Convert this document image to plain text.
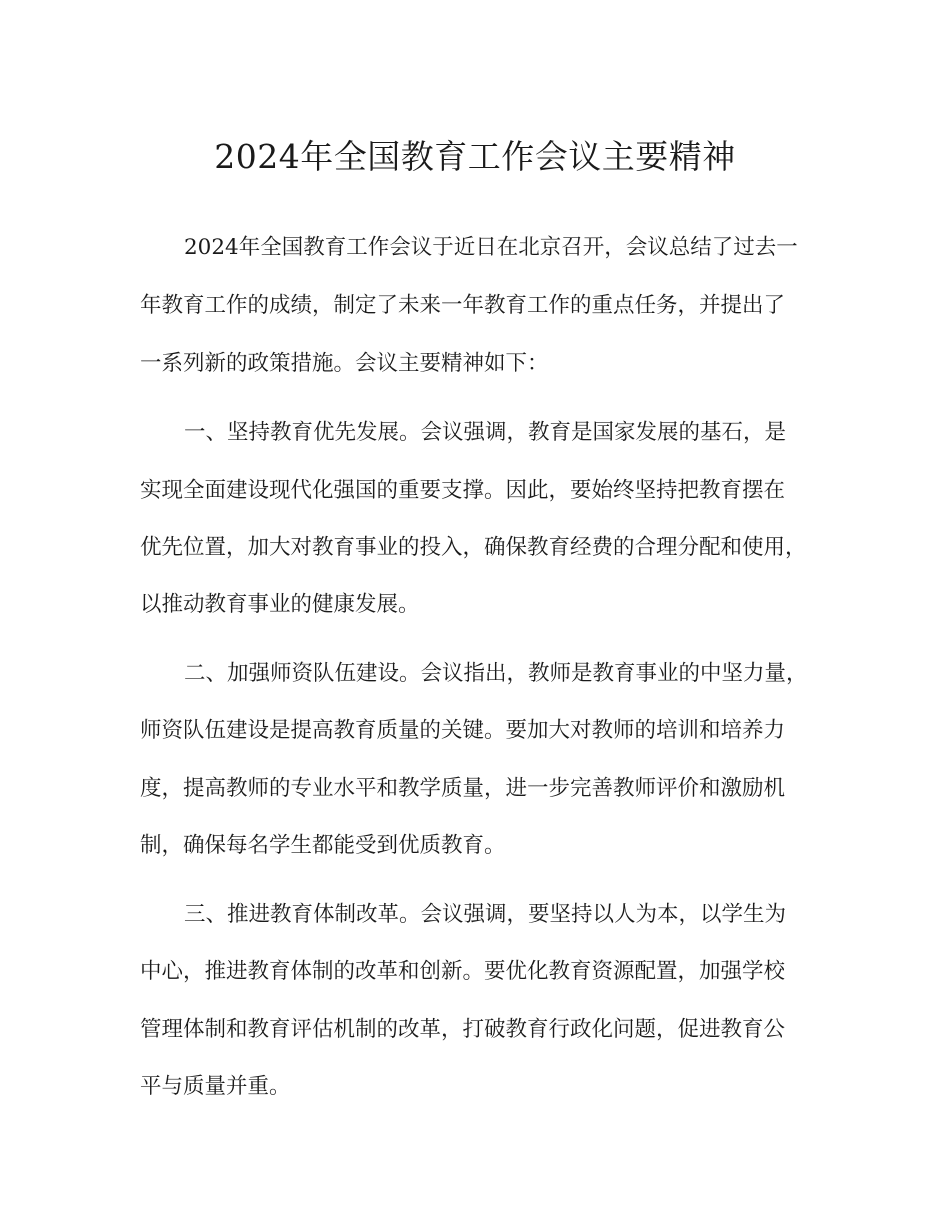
2024年全国教育工作会议主要精神

2024年全国教育工作会议于近日在北京召开，会议总结了过去一

年教育工作的成绩，制定了未来一年教育工作的重点任务，并提出了

一系列新的政策措施。会议主要精神如下：

一、坚持教育优先发展。会议强调，教育是国家发展的基石，是

实现全面建设现代化强国的重要支撑。因此，要始终坚持把教育摆在

优先位置，加大对教育事业的投入，确保教育经费的合理分配和使用，

以推动教育事业的健康发展。

二、加强师资队伍建设。会议指出，教师是教育事业的中坚力量，

师资队伍建设是提高教育质量的关键。要加大对教师的培训和培养力

度，提高教师的专业水平和教学质量，进一步完善教师评价和激励机

制，确保每名学生都能受到优质教育。

三、推进教育体制改革。会议强调，要坚持以人为本，以学生为

中心，推进教育体制的改革和创新。要优化教育资源配置，加强学校

管理体制和教育评估机制的改革，打破教育行政化问题，促进教育公

平与质量并重。
